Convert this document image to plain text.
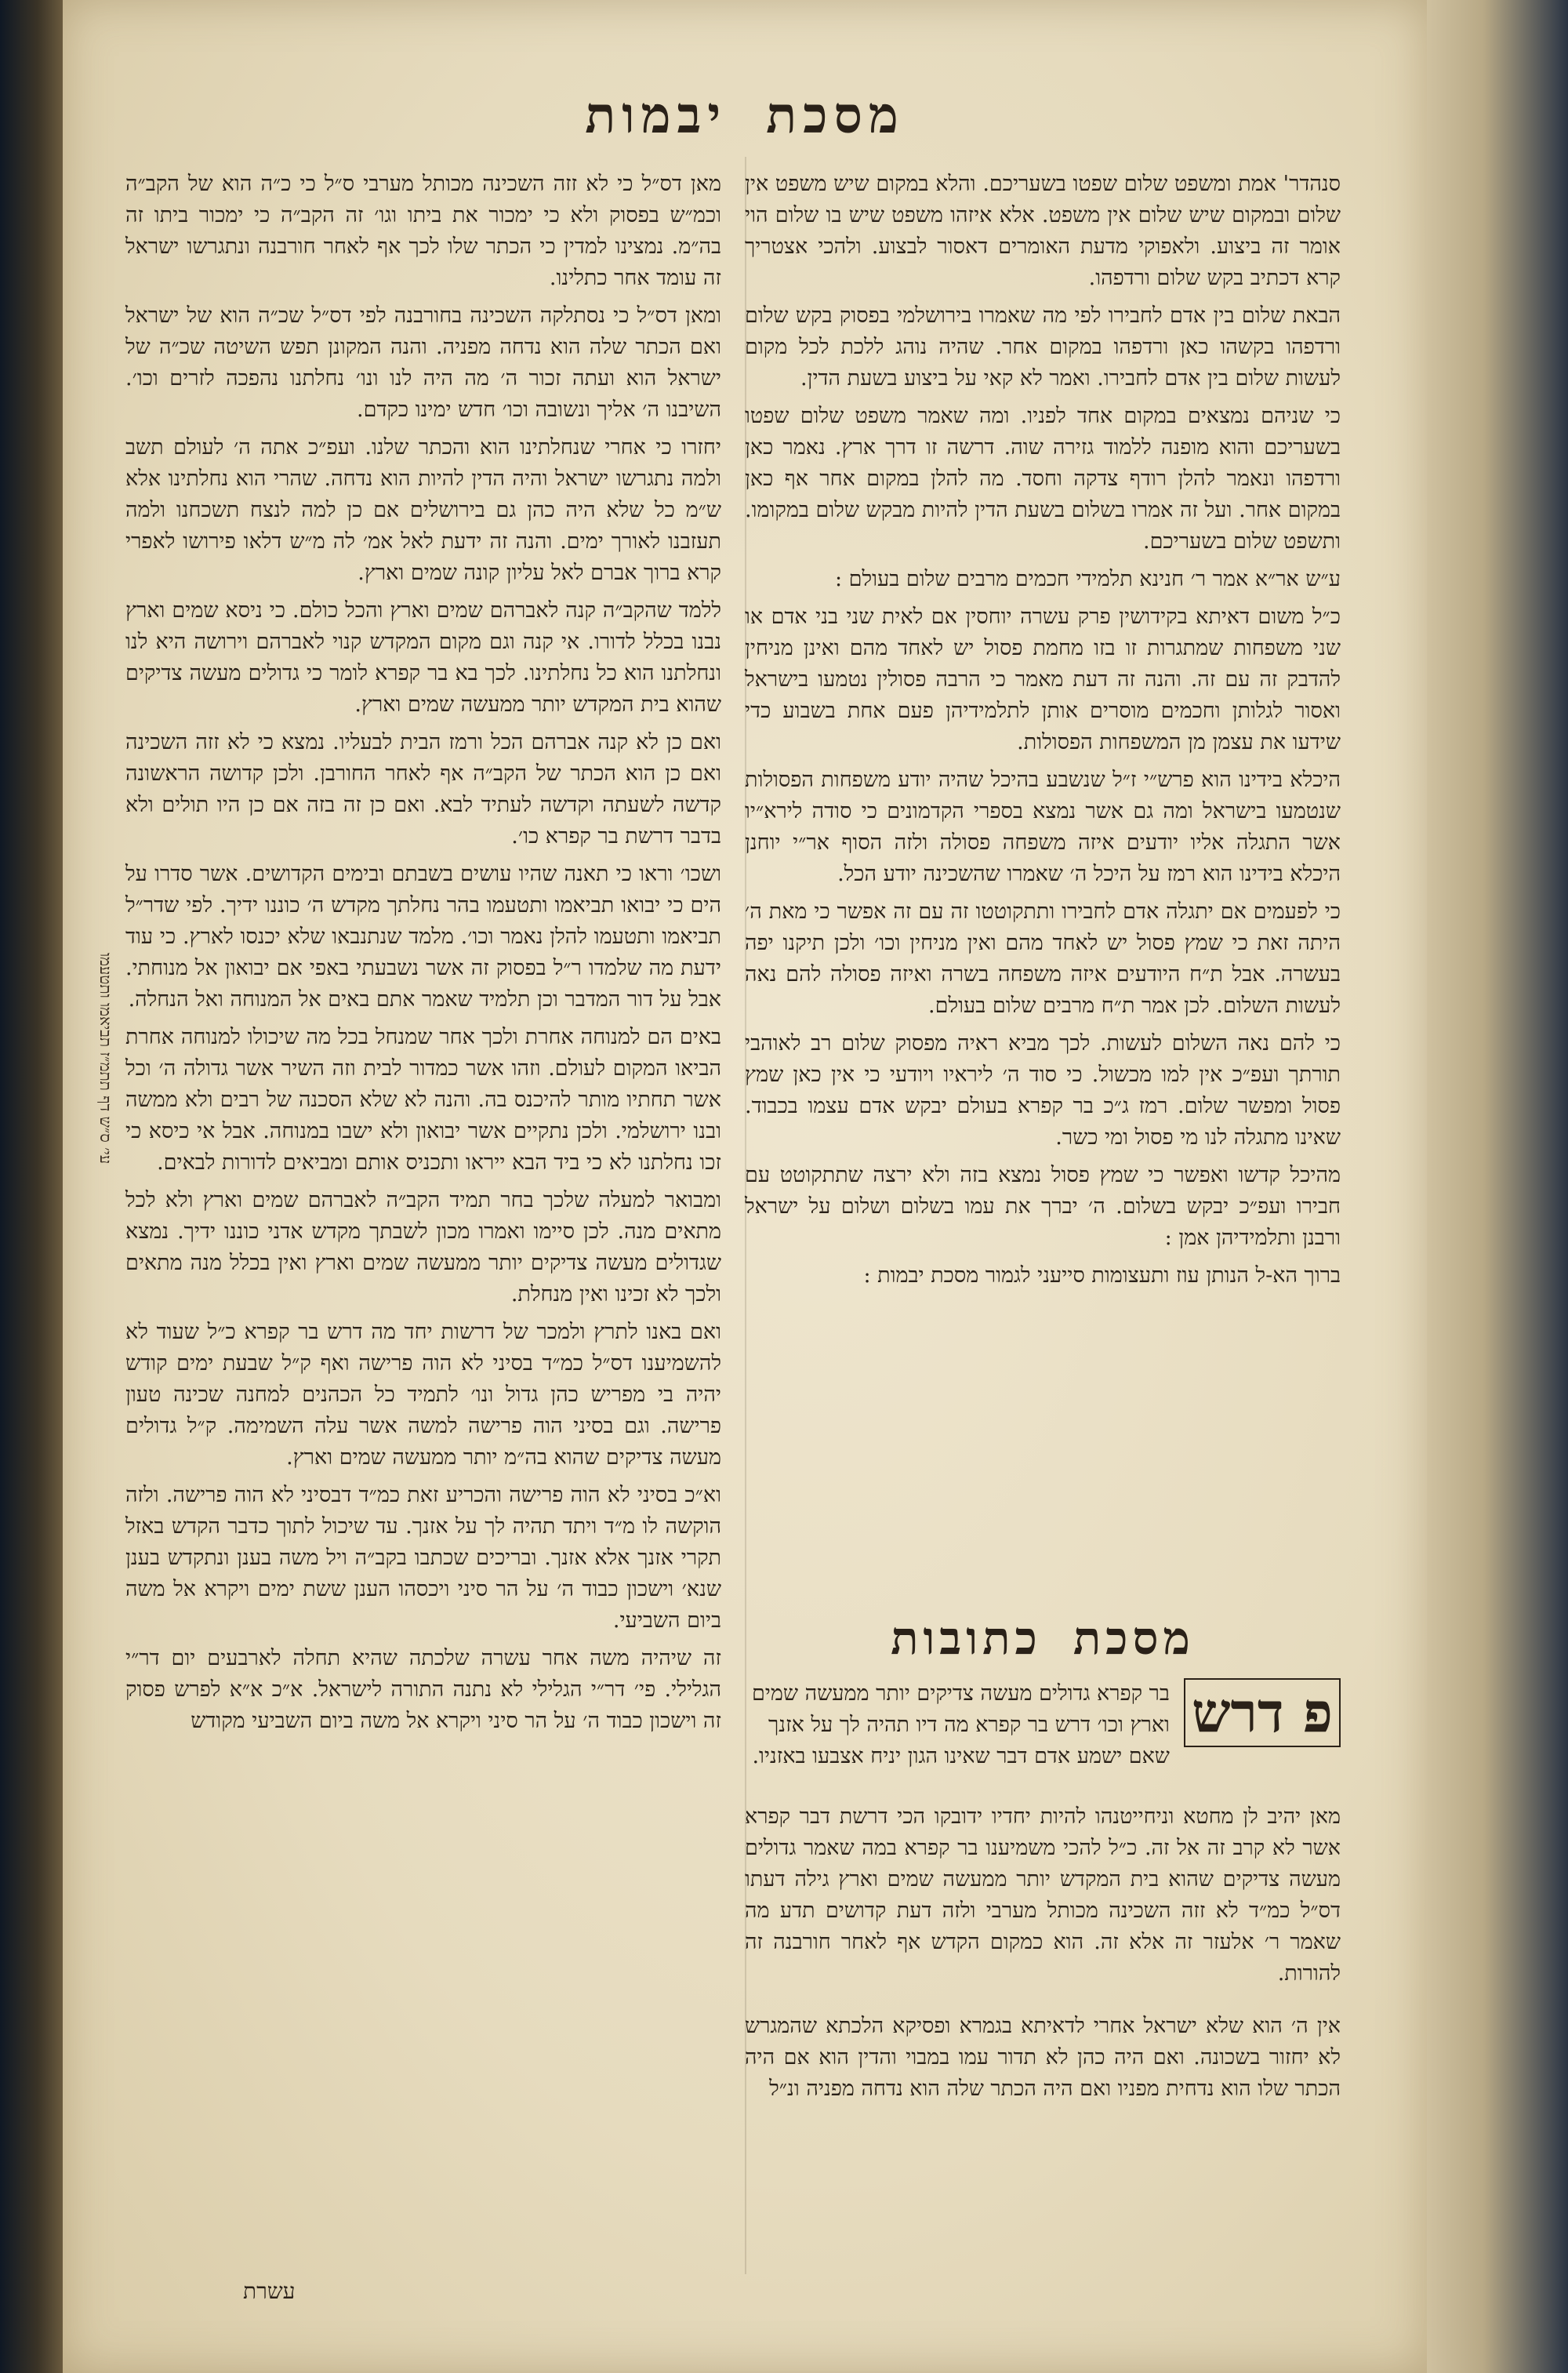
מסכתיבמות

סנהדר' אמת ומשפט שלום שפטו בשעריכם. והלא במקום שיש משפט אין שלום ובמקום שיש שלום אין משפט. אלא איזהו משפט שיש בו שלום הוי אומר זה ביצוע. ולאפוקי מדעת האומרים דאסור לבצוע. ולהכי אצטריך קרא דכתיב בקש שלום ורדפהו.

הבאת שלום בין אדם לחבירו לפי מה שאמרו בירושלמי בפסוק בקש שלום ורדפהו בקשהו כאן ורדפהו במקום אחר. שהיה נוהג ללכת לכל מקום לעשות שלום בין אדם לחבירו. ואמר לא קאי על ביצוע בשעת הדין.

כי שניהם נמצאים במקום אחד לפניו. ומה שאמר משפט שלום שפטו בשעריכם והוא מופנה ללמוד גזירה שוה. דרשה זו דרך ארץ. נאמר כאן ורדפהו ונאמר להלן רודף צדקה וחסד. מה להלן במקום אחר אף כאן במקום אחר. ועל זה אמרו בשלום בשעת הדין להיות מבקש שלום במקומו. ותשפט שלום בשעריכם.

ע״ש אר״א אמר ר׳ חנינא תלמידי חכמים מרבים שלום בעולם :

כ״ל משום דאיתא בקידושין פרק עשרה יוחסין אם לאית שני בני אדם או שני משפחות שמתגרות זו בזו מחמת פסול יש לאחד מהם ואינן מניחין להדבק זה עם זה. והנה זה דעת מאמר כי הרבה פסולין נטמעו בישראל ואסור לגלותן וחכמים מוסרים אותן לתלמידיהן פעם אחת בשבוע כדי שידעו את עצמן מן המשפחות הפסולות.

היכלא בידינו הוא פרש״י ז״ל שנשבע בהיכל שהיה יודע משפחות הפסולות שנטמעו בישראל ומה גם אשר נמצא בספרי הקדמונים כי סודה לירא״יו אשר התגלה אליו יודעים איזה משפחה פסולה ולזה הסוף אר״י יוחנן היכלא בידינו הוא רמז על היכל ה׳ שאמרו שהשכינה יודע הכל.

כי לפעמים אם יתגלה אדם לחבירו ותתקוטטו זה עם זה אפשר כי מאת ה׳ היתה זאת כי שמץ פסול יש לאחד מהם ואין מניחין וכו׳ ולכן תיקנו יפה בעשרה. אבל ת״ח היודעים איזה משפחה בשרה ואיזה פסולה להם נאה לעשות השלום. לכן אמר ת״ח מרבים שלום בעולם.

כי להם נאה השלום לעשות. לכך מביא ראיה מפסוק שלום רב לאוהבי תורתך ועפ״כ אין למו מכשול. כי סוד ה׳ ליראיו ויודעי כי אין כאן שמץ פסול ומפשר שלום. רמז ג״כ בר קפרא בעולם יבקש אדם עצמו בכבוד. שאינו מתגלה לנו מי פסול ומי כשר.

מהיכל קדשו ואפשר כי שמץ פסול נמצא בזה ולא ירצה שתתקוטט עם חבירו ועפ״כ יבקש בשלום. ה׳ יברך את עמו בשלום ושלום על ישראל ורבנן ותלמידיהן אמן :

ברוך הא-ל הנותן עוז ותעצומות סייעני לגמור מסכת יבמות :

מסכתכתובות
פ דרש
בר קפרא גדולים מעשה צדיקים יותר ממעשה שמים וארץ וכו׳ דרש בר קפרא מה דיו תהיה לך על אזנך שאם ישמע אדם דבר שאינו הגון יניח אצבעו באזניו.

מאן יהיב לן מחטא וניחייטנהו להיות יחדיו ידובקו הכי דרשת דבר קפרא אשר לא קרב זה אל זה. כ״ל להכי משמיענו בר קפרא במה שאמר גדולים מעשה צדיקים שהוא בית המקדש יותר ממעשה שמים וארץ גילה דעתו דס״ל כמ״ד לא זזה השכינה מכותל מערבי ולזה דעת קדושים תדע מה שאמר ר׳ אלעזר זה אלא זה. הוא כמקום הקדש אף לאחר חורבנה זה להורות.

אין ה׳ הוא שלא ישראל אחרי לדאיתא בגמרא ופסיקא הלכתא שהמגרש לא יחזור בשכונה. ואם היה כהן לא תדור עמו במבוי והדין הוא אם היה הכתר שלו הוא נדחית מפניו ואם היה הכתר שלה הוא נדחה מפניה ונ״ל

מאן דס״ל כי לא זזה השכינה מכותל מערבי ס״ל כי כ״ה הוא של הקב״ה וכמ״ש בפסוק ולא כי ימכור את ביתו וגו׳ זה הקב״ה כי ימכור ביתו זה בה״מ. נמצינו למדין כי הכתר שלו לכך אף לאחר חורבנה ונתגרשו ישראל זה עומד אחר כתלינו.

ומאן דס״ל כי נסתלקה השכינה בחורבנה לפי דס״ל שכ״ה הוא של ישראל ואם הכתר שלה הוא נדחה מפניה. והנה המקונן תפש השיטה שכ״ה של ישראל הוא ועתה זכור ה׳ מה היה לנו ונו׳ נחלתנו נהפכה לזרים וכו׳. השיבנו ה׳ אליך ונשובה וכו׳ חדש ימינו כקדם.

יחזרו כי אחרי שנחלתינו הוא והכתר שלנו. ועפ״כ אתה ה׳ לעולם תשב ולמה נתגרשו ישראל והיה הדין להיות הוא נדחה. שהרי הוא נחלתינו אלא ש״מ כל שלא היה כהן גם בירושלים אם כן למה לנצח תשכחנו ולמה תעזבנו לאורך ימים. והנה זה ידעת לאל אמ׳ לה מ״ש דלאו פירושו לאפרי קרא ברוך אברם לאל עליון קונה שמים וארץ.

ללמד שהקב״ה קנה לאברהם שמים וארץ והכל כולם. כי ניסא שמים וארץ נבנו בכלל לדורו. אי קנה וגם מקום המקדש קנוי לאברהם וירושה היא לנו ונחלתנו הוא כל נחלתינו. לכך בא בר קפרא לומר כי גדולים מעשה צדיקים שהוא בית המקדש יותר ממעשה שמים וארץ.

ואם כן לא קנה אברהם הכל ורמז הבית לבעליו. נמצא כי לא זזה השכינה ואם כן הוא הכתר של הקב״ה אף לאחר החורבן. ולכן קדושה הראשונה קדשה לשעתה וקדשה לעתיד לבא. ואם כן זה בזה אם כן היו תולים ולא בדבר דרשת בר קפרא כו׳.

ושכו׳ וראו כי תאנה שהיו עושים בשבתם ובימים הקדושים. אשר סדרו על הים כי יבואו תביאמו ותטעמו בהר נחלתך מקדש ה׳ כוננו ידיך. לפי שדר״ל תביאמו ותטעמו להלן נאמר וכו׳. מלמד שנתנבאו שלא יכנסו לארץ. כי עוד ידעת מה שלמדו ר״ל בפסוק זה אשר נשבעתי באפי אם יבואון אל מנוחתי. אבל על דור המדבר וכן תלמיד שאמר אתם באים אל המנוחה ואל הנחלה.

באים הם למנוחה אחרת ולכך אחר שמנחל בכל מה שיכולו למנוחה אחרת הביאו המקום לעולם. וזהו אשר כמדור לבית וזה השיר אשר גדולה ה׳ וכל אשר תחתיו מותר להיכנס בה. והנה לא שלא הסכנה של רבים ולא ממשה ובנו ירושלמי. ולכן נתקיים אשר יבואון ולא ישבו במנוחה. אבל אי כיסא כי זכו נחלתנו לא כי ביד הבא ייראו ותכניס אותם ומביאים לדורות לבאים.

ומבואר למעלה שלכך בחר תמיד הקב״ה לאברהם שמים וארץ ולא לכל מתאים מנה. לכן סיימו ואמרו מכון לשבתך מקדש אדני כוננו ידיך. נמצא שגדולים מעשה צדיקים יותר ממעשה שמים וארץ ואין בכלל מנה מתאים ולכך לא זכינו ואין מנחלת.

ואם באנו לתרץ ולמכר של דרשות יחד מה דרש בר קפרא כ״ל שעוד לא להשמיענו דס״ל כמ״ד בסיני לא הוה פרישה ואף ק״ל שבעת ימים קודש יהיה בי מפריש כהן גדול ונו׳ לתמיד כל הכהנים למחנה שכינה טעון פרישה. וגם בסיני הוה פרישה למשה אשר עלה השמימה. ק״ל גדולים מעשה צדיקים שהוא בה״מ יותר ממעשה שמים וארץ.

וא״כ בסיני לא הוה פרישה והכריע זאת כמ״ד דבסיני לא הוה פרישה. ולזה הוקשה לו מ״ד ויתד תהיה לך על אזנך. עד שיכול לתוך כדבר הקדש באזל תקרי אזנך אלא אזנך. ובריכים שכתבו בקב״ה ויל משה בענן ונתקדש בענן שנא׳ וישכון כבוד ה׳ על הר סיני ויכסהו הענן ששת ימים ויקרא אל משה ביום השביעי.

זה שיהיה משה אחר עשרה שלכתה שהיא תחלה לארבעים יום דר״י הגלילי. פי׳ דר״י הגלילי לא נתנה התורה לישראל. א״כ א״א לפרש פסוק זה וישכון כבוד ה׳ על הר סיני ויקרא אל משה ביום השביעי מקודש

עי׳ ס״ש דף תתמ״ז תביאמו ותטעמו
עשרת
